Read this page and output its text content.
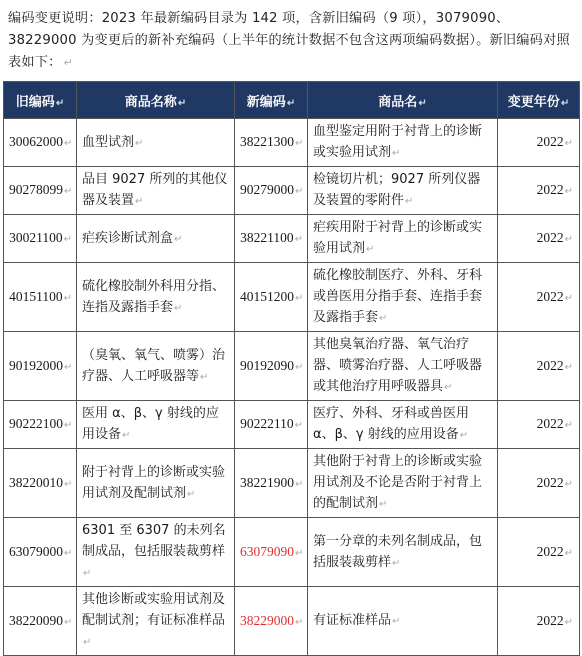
编码变更说明：2023 年最新编码目录为 142 项，含新旧编码（9 项），3079090、38229000 为变更后的新补充编码（上半年的统计数据不包含这两项编码数据）。新旧编码对照表如下： ↵
旧编码↵	商品名称↵	新编码↵	商品名↵	变更年份↵
30062000↵	血型试剂↵	38221300↵	血型鉴定用附于衬背上的诊断或实验用试剂↵	2022↵
90278099↵	品目 9027 所列的其他仪器及装置↵	90279000↵	检镜切片机；9027 所列仪器及装置的零附件↵	2022↵
30021100↵	疟疾诊断试剂盒↵	38221100↵	疟疾用附于衬背上的诊断或实验用试剂↵	2022↵
40151100↵	硫化橡胶制外科用分指、连指及露指手套↵	40151200↵	硫化橡胶制医疗、外科、牙科或兽医用分指手套、连指手套及露指手套↵	2022↵
90192000↵	（臭氧、氧气、喷雾）治疗器、人工呼吸器等↵	90192090↵	其他臭氧治疗器、氧气治疗器、喷雾治疗器、人工呼吸器或其他治疗用呼吸器具↵	2022↵
90222100↵	医用 α、β、γ 射线的应用设备↵	90222110↵	医疗、外科、牙科或兽医用 α、β、γ 射线的应用设备↵	2022↵
38220010↵	附于衬背上的诊断或实验用试剂及配制试剂↵	38221900↵	其他附于衬背上的诊断或实验用试剂及不论是否附于衬背上的配制试剂↵	2022↵
63079000↵	6301 至 6307 的未列名制成品，包括服装裁剪样↵	63079090↵	第一分章的未列名制成品，包括服装裁剪样↵	2022↵
38220090↵	其他诊断或实验用试剂及配制试剂；有证标准样品↵	38229000↵	有证标准样品↵	2022↵
